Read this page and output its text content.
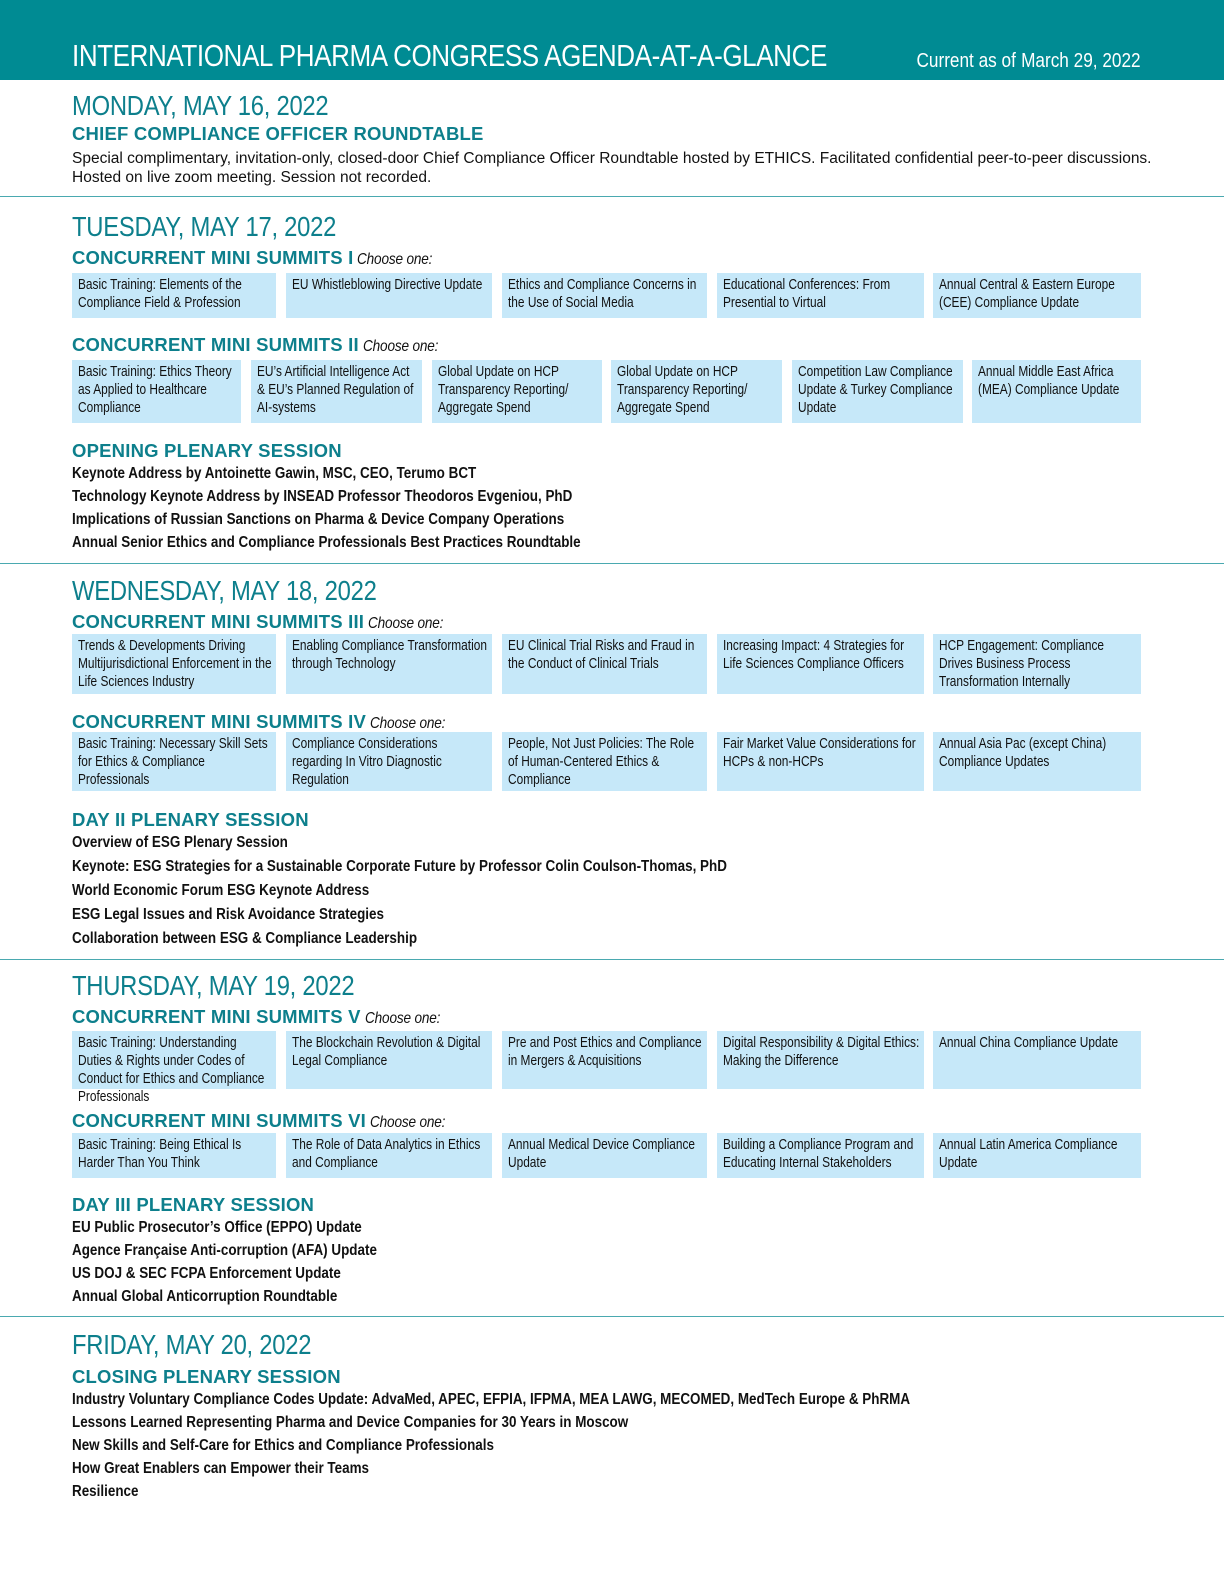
INTERNATIONAL PHARMA CONGRESS AGENDA-AT-A-GLANCE	Current as of March 29, 2022
MONDAY, MAY 16, 2022
CHIEF COMPLIANCE OFFICER ROUNDTABLE
Special complimentary, invitation-only, closed-door Chief Compliance Officer Roundtable hosted by ETHICS. Facilitated confidential peer-to-peer discussions. Hosted on live zoom meeting. Session not recorded.
TUESDAY, MAY 17, 2022
CONCURRENT MINI SUMMITS I Choose one:
Basic Training: Elements of the Compliance Field & Profession
EU Whistleblowing Directive Update	Ethics and Compliance Concerns in the Use of Social Media
Educational Conferences: From Presential to Virtual
Annual Central & Eastern Europe (CEE) Compliance Update
CONCURRENT MINI SUMMITS II Choose one:
Basic Training: Ethics Theory as Applied to Healthcare Compliance
EU’s Artificial Intelligence Act & EU’s Planned Regulation of AI-systems
Global Update on HCP Transparency Reporting/ Aggregate Spend
Global Update on HCP Transparency Reporting/ Aggregate Spend
Competition Law Compliance Update & Turkey Compliance Update
Annual Middle East Africa (MEA) Compliance Update
OPENING PLENARY SESSION
Keynote Address by Antoinette Gawin, MSC, CEO, Terumo BCT
Technology Keynote Address by INSEAD Professor Theodoros Evgeniou, PhD
Implications of Russian Sanctions on Pharma & Device Company Operations
Annual Senior Ethics and Compliance Professionals Best Practices Roundtable
WEDNESDAY, MAY 18, 2022
CONCURRENT MINI SUMMITS III Choose one:
Trends & Developments Driving Multijurisdictional Enforcement in the Life Sciences Industry
Enabling Compliance Transformation through Technology
EU Clinical Trial Risks and Fraud in the Conduct of Clinical Trials
Increasing Impact: 4 Strategies for Life Sciences Compliance Officers
HCP Engagement: Compliance Drives Business Process Transformation Internally
CONCURRENT MINI SUMMITS IV Choose one:
Basic Training: Necessary Skill Sets for Ethics & Compliance Professionals
Compliance Considerations regarding In Vitro Diagnostic Regulation
People, Not Just Policies: The Role of Human-Centered Ethics & Compliance
Fair Market Value Considerations for HCPs & non-HCPs
Annual Asia Pac (except China) Compliance Updates
DAY II PLENARY SESSION
Overview of ESG Plenary Session
Keynote: ESG Strategies for a Sustainable Corporate Future by Professor Colin Coulson-Thomas, PhD
World Economic Forum ESG Keynote Address
ESG Legal Issues and Risk Avoidance Strategies
Collaboration between ESG & Compliance Leadership
THURSDAY, MAY 19, 2022
CONCURRENT MINI SUMMITS V Choose one:
Basic Training: Understanding Duties & Rights under Codes of Conduct for Ethics and Compliance Professionals
The Blockchain Revolution & Digital Legal Compliance
Pre and Post Ethics and Compliance in Mergers & Acquisitions
Digital Responsibility & Digital Ethics: Making the Difference
Annual China Compliance Update
CONCURRENT MINI SUMMITS VI Choose one:
Basic Training: Being Ethical Is Harder Than You Think
The Role of Data Analytics in Ethics and Compliance
Annual Medical Device Compliance Update
Building a Compliance Program and Educating Internal Stakeholders
Annual Latin America Compliance Update
DAY III PLENARY SESSION
EU Public Prosecutor’s Office (EPPO) Update
Agence Française Anti-corruption (AFA) Update
US DOJ & SEC FCPA Enforcement Update
Annual Global Anticorruption Roundtable
FRIDAY, MAY 20, 2022
CLOSING PLENARY SESSION
Industry Voluntary Compliance Codes Update: AdvaMed, APEC, EFPIA, IFPMA, MEA LAWG, MECOMED, MedTech Europe & PhRMA
Lessons Learned Representing Pharma and Device Companies for 30 Years in Moscow
New Skills and Self-Care for Ethics and Compliance Professionals
How Great Enablers can Empower their Teams
Resilience
